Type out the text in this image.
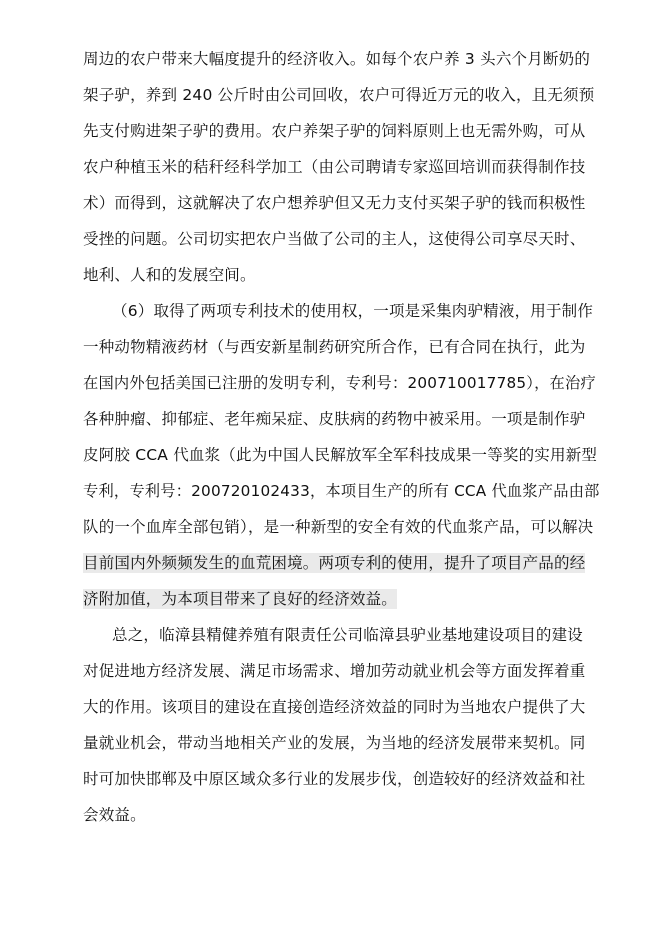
周边的农户带来大幅度提升的经济收入。如每个农户养 3 头六个月断奶的
架子驴，养到 240 公斤时由公司回收，农户可得近万元的收入，且无须预
先支付购进架子驴的费用。农户养架子驴的饲料原则上也无需外购，可从
农户种植玉米的秸秆经科学加工（由公司聘请专家巡回培训而获得制作技
术）而得到，这就解决了农户想养驴但又无力支付买架子驴的钱而积极性
受挫的问题。公司切实把农户当做了公司的主人，这使得公司享尽天时、
地利、人和的发展空间。
（6）取得了两项专利技术的使用权，一项是采集肉驴精液，用于制作
一种动物精液药材（与西安新星制药研究所合作，已有合同在执行，此为
在国内外包括美国已注册的发明专利，专利号：200710017785），在治疗
各种肿瘤、抑郁症、老年痴呆症、皮肤病的药物中被采用。一项是制作驴
皮阿胶 CCA 代血浆（此为中国人民解放军全军科技成果一等奖的实用新型
专利，专利号：200720102433，本项目生产的所有 CCA 代血浆产品由部
队的一个血库全部包销），是一种新型的安全有效的代血浆产品，可以解决
目前国内外频频发生的血荒困境。两项专利的使用，提升了项目产品的经
济附加值，为本项目带来了良好的经济效益。
总之，临漳县精健养殖有限责任公司临漳县驴业基地建设项目的建设
对促进地方经济发展、满足市场需求、增加劳动就业机会等方面发挥着重
大的作用。该项目的建设在直接创造经济效益的同时为当地农户提供了大
量就业机会，带动当地相关产业的发展，为当地的经济发展带来契机。同
时可加快邯郸及中原区域众多行业的发展步伐，创造较好的经济效益和社
会效益。
